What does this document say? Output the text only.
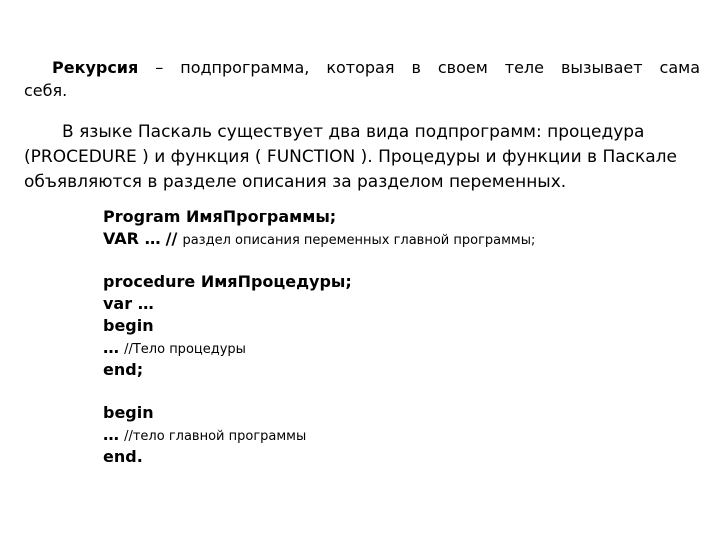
Рекурсия – подпрограмма, которая в своем теле вызывает сама себя.
В языке Паскаль существует два вида подпрограмм: процедура (PROCEDURE ) и функция ( FUNCTION ). Процедуры и функции в Паскале объявляются в разделе описания за разделом переменных.
Program ИмяПрограммы;
VAR … // раздел описания переменных главной программы;
procedure ИмяПроцедуры;
var …
begin
… //Тело процедуры
end;
begin
… //тело главной программы
end.
